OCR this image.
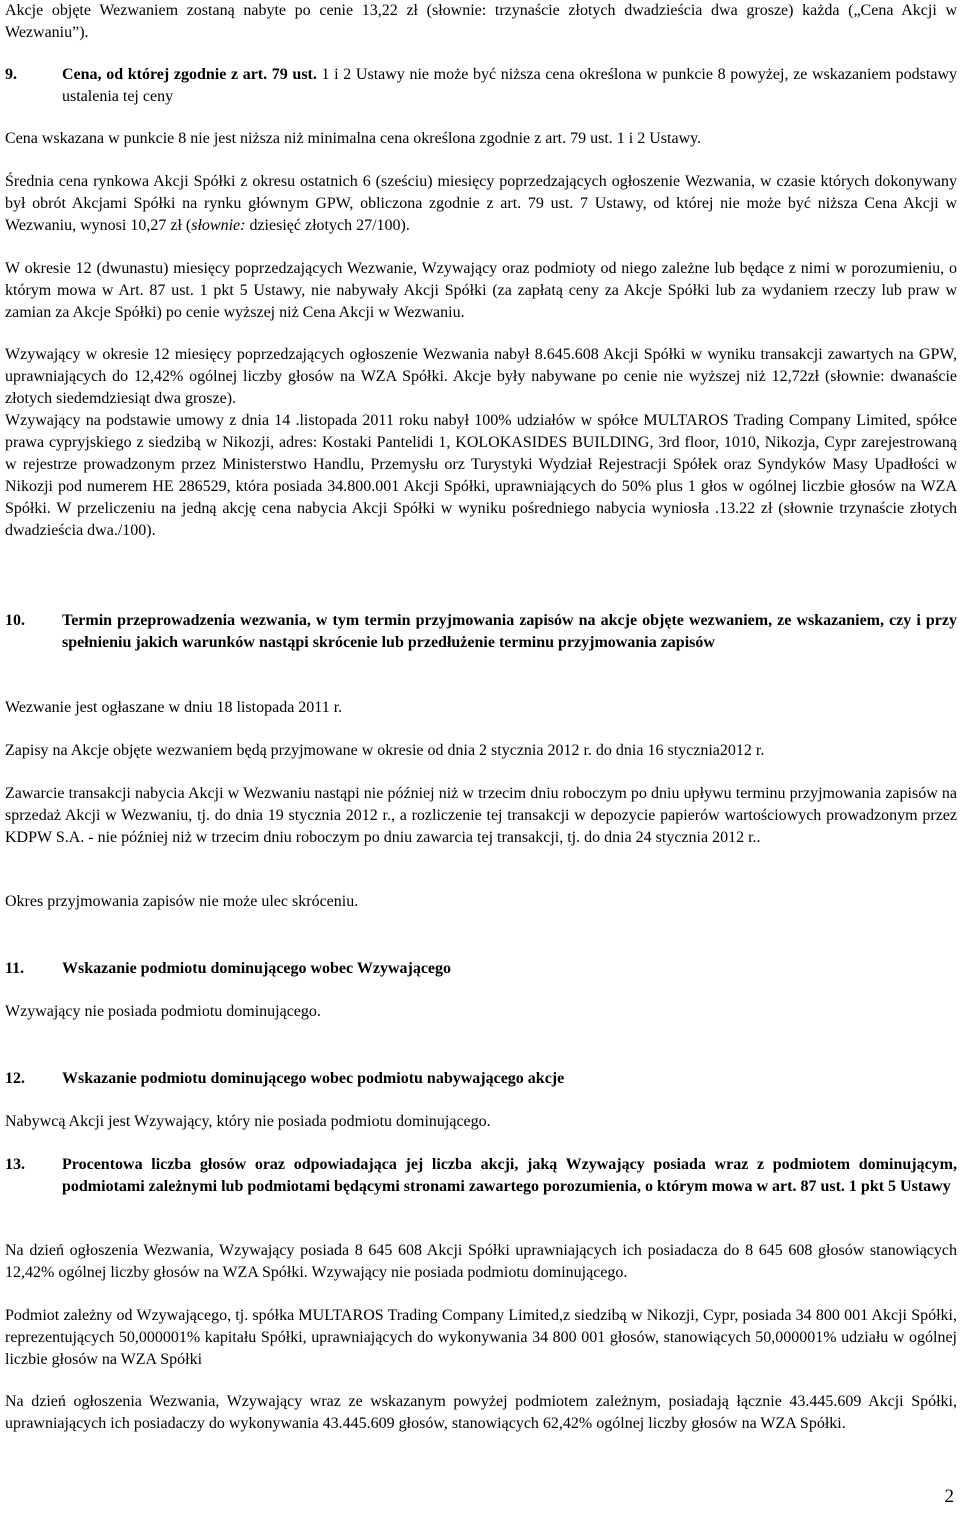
Akcje objęte Wezwaniem zostaną nabyte po cenie 13,22 zł (słownie: trzynaście złotych dwadzieścia dwa grosze) każda („Cena Akcji w Wezwaniu”).

9.	Cena, od której zgodnie z art. 79 ust. 1 i 2 Ustawy nie może być niższa cena określona w punkcie 8 powyżej, ze wskazaniem podstawy ustalenia tej ceny

Cena wskazana w punkcie 8 nie jest niższa niż minimalna cena określona zgodnie z art. 79 ust. 1 i 2 Ustawy.

Średnia cena rynkowa Akcji Spółki z okresu ostatnich 6 (sześciu) miesięcy poprzedzających ogłoszenie Wezwania, w czasie których dokonywany był obrót Akcjami Spółki na rynku głównym GPW, obliczona zgodnie z art. 79 ust. 7 Ustawy, od której nie może być niższa Cena Akcji w Wezwaniu, wynosi 10,27 zł (słownie: dziesięć złotych 27/100).

W okresie 12 (dwunastu) miesięcy poprzedzających Wezwanie, Wzywający oraz podmioty od niego zależne lub będące z nimi w porozumieniu, o którym mowa w Art. 87 ust. 1 pkt 5 Ustawy, nie nabywały Akcji Spółki (za zapłatą ceny za Akcje Spółki lub za wydaniem rzeczy lub praw w zamian za Akcje Spółki) po cenie wyższej niż Cena Akcji w Wezwaniu.

Wzywający w okresie 12 miesięcy poprzedzających ogłoszenie Wezwania nabył 8.645.608 Akcji Spółki w wyniku transakcji zawartych na GPW, uprawniających do 12,42% ogólnej liczby głosów na WZA Spółki. Akcje były nabywane po cenie nie wyższej niż 12,72zł (słownie: dwanaście złotych siedemdziesiąt dwa grosze).

Wzywający na podstawie umowy z dnia 14 .listopada 2011 roku nabył 100% udziałów w spółce MULTAROS Trading Company Limited, spółce prawa cypryjskiego z siedzibą w Nikozji, adres: Kostaki Pantelidi 1, KOLOKASIDES BUILDING, 3rd floor, 1010, Nikozja, Cypr zarejestrowaną w rejestrze prowadzonym przez Ministerstwo Handlu, Przemysłu orz Turystyki Wydział Rejestracji Spółek oraz Syndyków Masy Upadłości w Nikozji pod numerem HE 286529, która posiada 34.800.001 Akcji Spółki, uprawniających do 50% plus 1 głos w ogólnej liczbie głosów na WZA Spółki. W przeliczeniu na jedną akcję cena nabycia Akcji Spółki w wyniku pośredniego nabycia wyniosła .13.22 zł (słownie trzynaście złotych dwadzieścia dwa./100).

10.	Termin przeprowadzenia wezwania, w tym termin przyjmowania zapisów na akcje objęte wezwaniem, ze wskazaniem, czy i przy spełnieniu jakich warunków nastąpi skrócenie lub przedłużenie terminu przyjmowania zapisów

Wezwanie jest ogłaszane w dniu 18 listopada 2011 r.

Zapisy na Akcje objęte wezwaniem będą przyjmowane w okresie od dnia 2 stycznia 2012 r. do dnia 16 stycznia2012 r.

Zawarcie transakcji nabycia Akcji w Wezwaniu nastąpi nie później niż w trzecim dniu roboczym po dniu upływu terminu przyjmowania zapisów na sprzedaż Akcji w Wezwaniu, tj. do dnia 19 stycznia 2012 r., a rozliczenie tej transakcji w depozycie papierów wartościowych prowadzonym przez KDPW S.A. - nie później niż w trzecim dniu roboczym po dniu zawarcia tej transakcji, tj. do dnia 24 stycznia 2012 r..

Okres przyjmowania zapisów nie może ulec skróceniu.

11.	Wskazanie podmiotu dominującego wobec Wzywającego

Wzywający nie posiada podmiotu dominującego.

12.	Wskazanie podmiotu dominującego wobec podmiotu nabywającego akcje

Nabywcą Akcji jest Wzywający, który nie posiada podmiotu dominującego.

13.	Procentowa liczba głosów oraz odpowiadająca jej liczba akcji, jaką Wzywający posiada wraz z podmiotem dominującym, podmiotami zależnymi lub podmiotami będącymi stronami zawartego porozumienia, o którym mowa w art. 87 ust. 1 pkt 5 Ustawy

Na dzień ogłoszenia Wezwania, Wzywający posiada 8 645 608 Akcji Spółki uprawniających ich posiadacza do 8 645 608 głosów stanowiących 12,42% ogólnej liczby głosów na WZA Spółki. Wzywający nie posiada podmiotu dominującego.

Podmiot zależny od Wzywającego, tj. spółka MULTAROS Trading Company Limited,z siedzibą w Nikozji, Cypr, posiada 34 800 001 Akcji Spółki, reprezentujących 50,000001% kapitału Spółki, uprawniających do wykonywania 34 800 001 głosów, stanowiących 50,000001% udziału w ogólnej liczbie głosów na WZA Spółki

Na dzień ogłoszenia Wezwania, Wzywający wraz ze wskazanym powyżej podmiotem zależnym, posiadają łącznie 43.445.609 Akcji Spółki, uprawniających ich posiadaczy do wykonywania 43.445.609 głosów, stanowiących 62,42% ogólnej liczby głosów na WZA Spółki.

2
